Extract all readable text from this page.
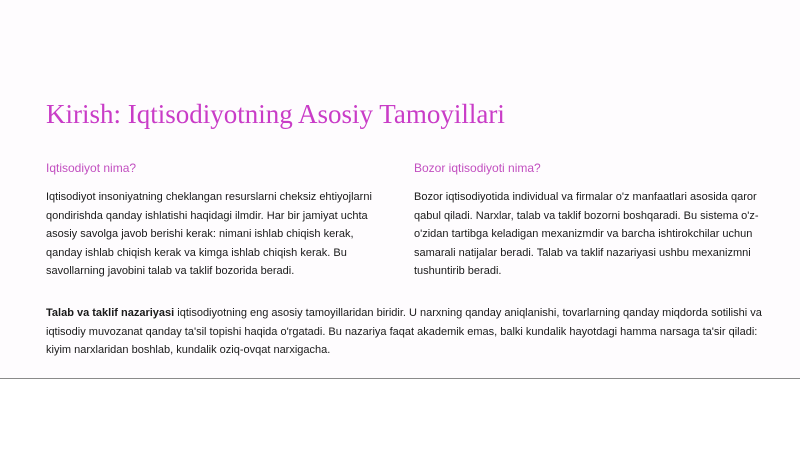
Kirish: Iqtisodiyotning Asosiy Tamoyillari
Iqtisodiyot nima?

Iqtisodiyot insoniyatning cheklangan resurslarni cheksiz ehtiyojlarni qondirishda qanday ishlatishi haqidagi ilmdir. Har bir jamiyat uchta asosiy savolga javob berishi kerak: nimani ishlab chiqish kerak, qanday ishlab chiqish kerak va kimga ishlab chiqish kerak. Bu savollarning javobini talab va taklif bozorida beradi.

Bozor iqtisodiyoti nima?

Bozor iqtisodiyotida individual va firmalar o'z manfaatlari asosida qaror qabul qiladi. Narxlar, talab va taklif bozorni boshqaradi. Bu sistema o'z-o'zidan tartibga keladigan mexanizmdir va barcha ishtirokchilar uchun samarali natijalar beradi. Talab va taklif nazariyasi ushbu mexanizmni tushuntirib beradi.

Talab va taklif nazariyasi iqtisodiyotning eng asosiy tamoyillaridan biridir. U narxning qanday aniqlanishi, tovarlarning qanday miqdorda sotilishi va iqtisodiy muvozanat qanday ta'sil topishi haqida o'rgatadi. Bu nazariya faqat akademik emas, balki kundalik hayotdagi hamma narsaga ta'sir qiladi: kiyim narxlaridan boshlab, kundalik oziq-ovqat narxigacha.
